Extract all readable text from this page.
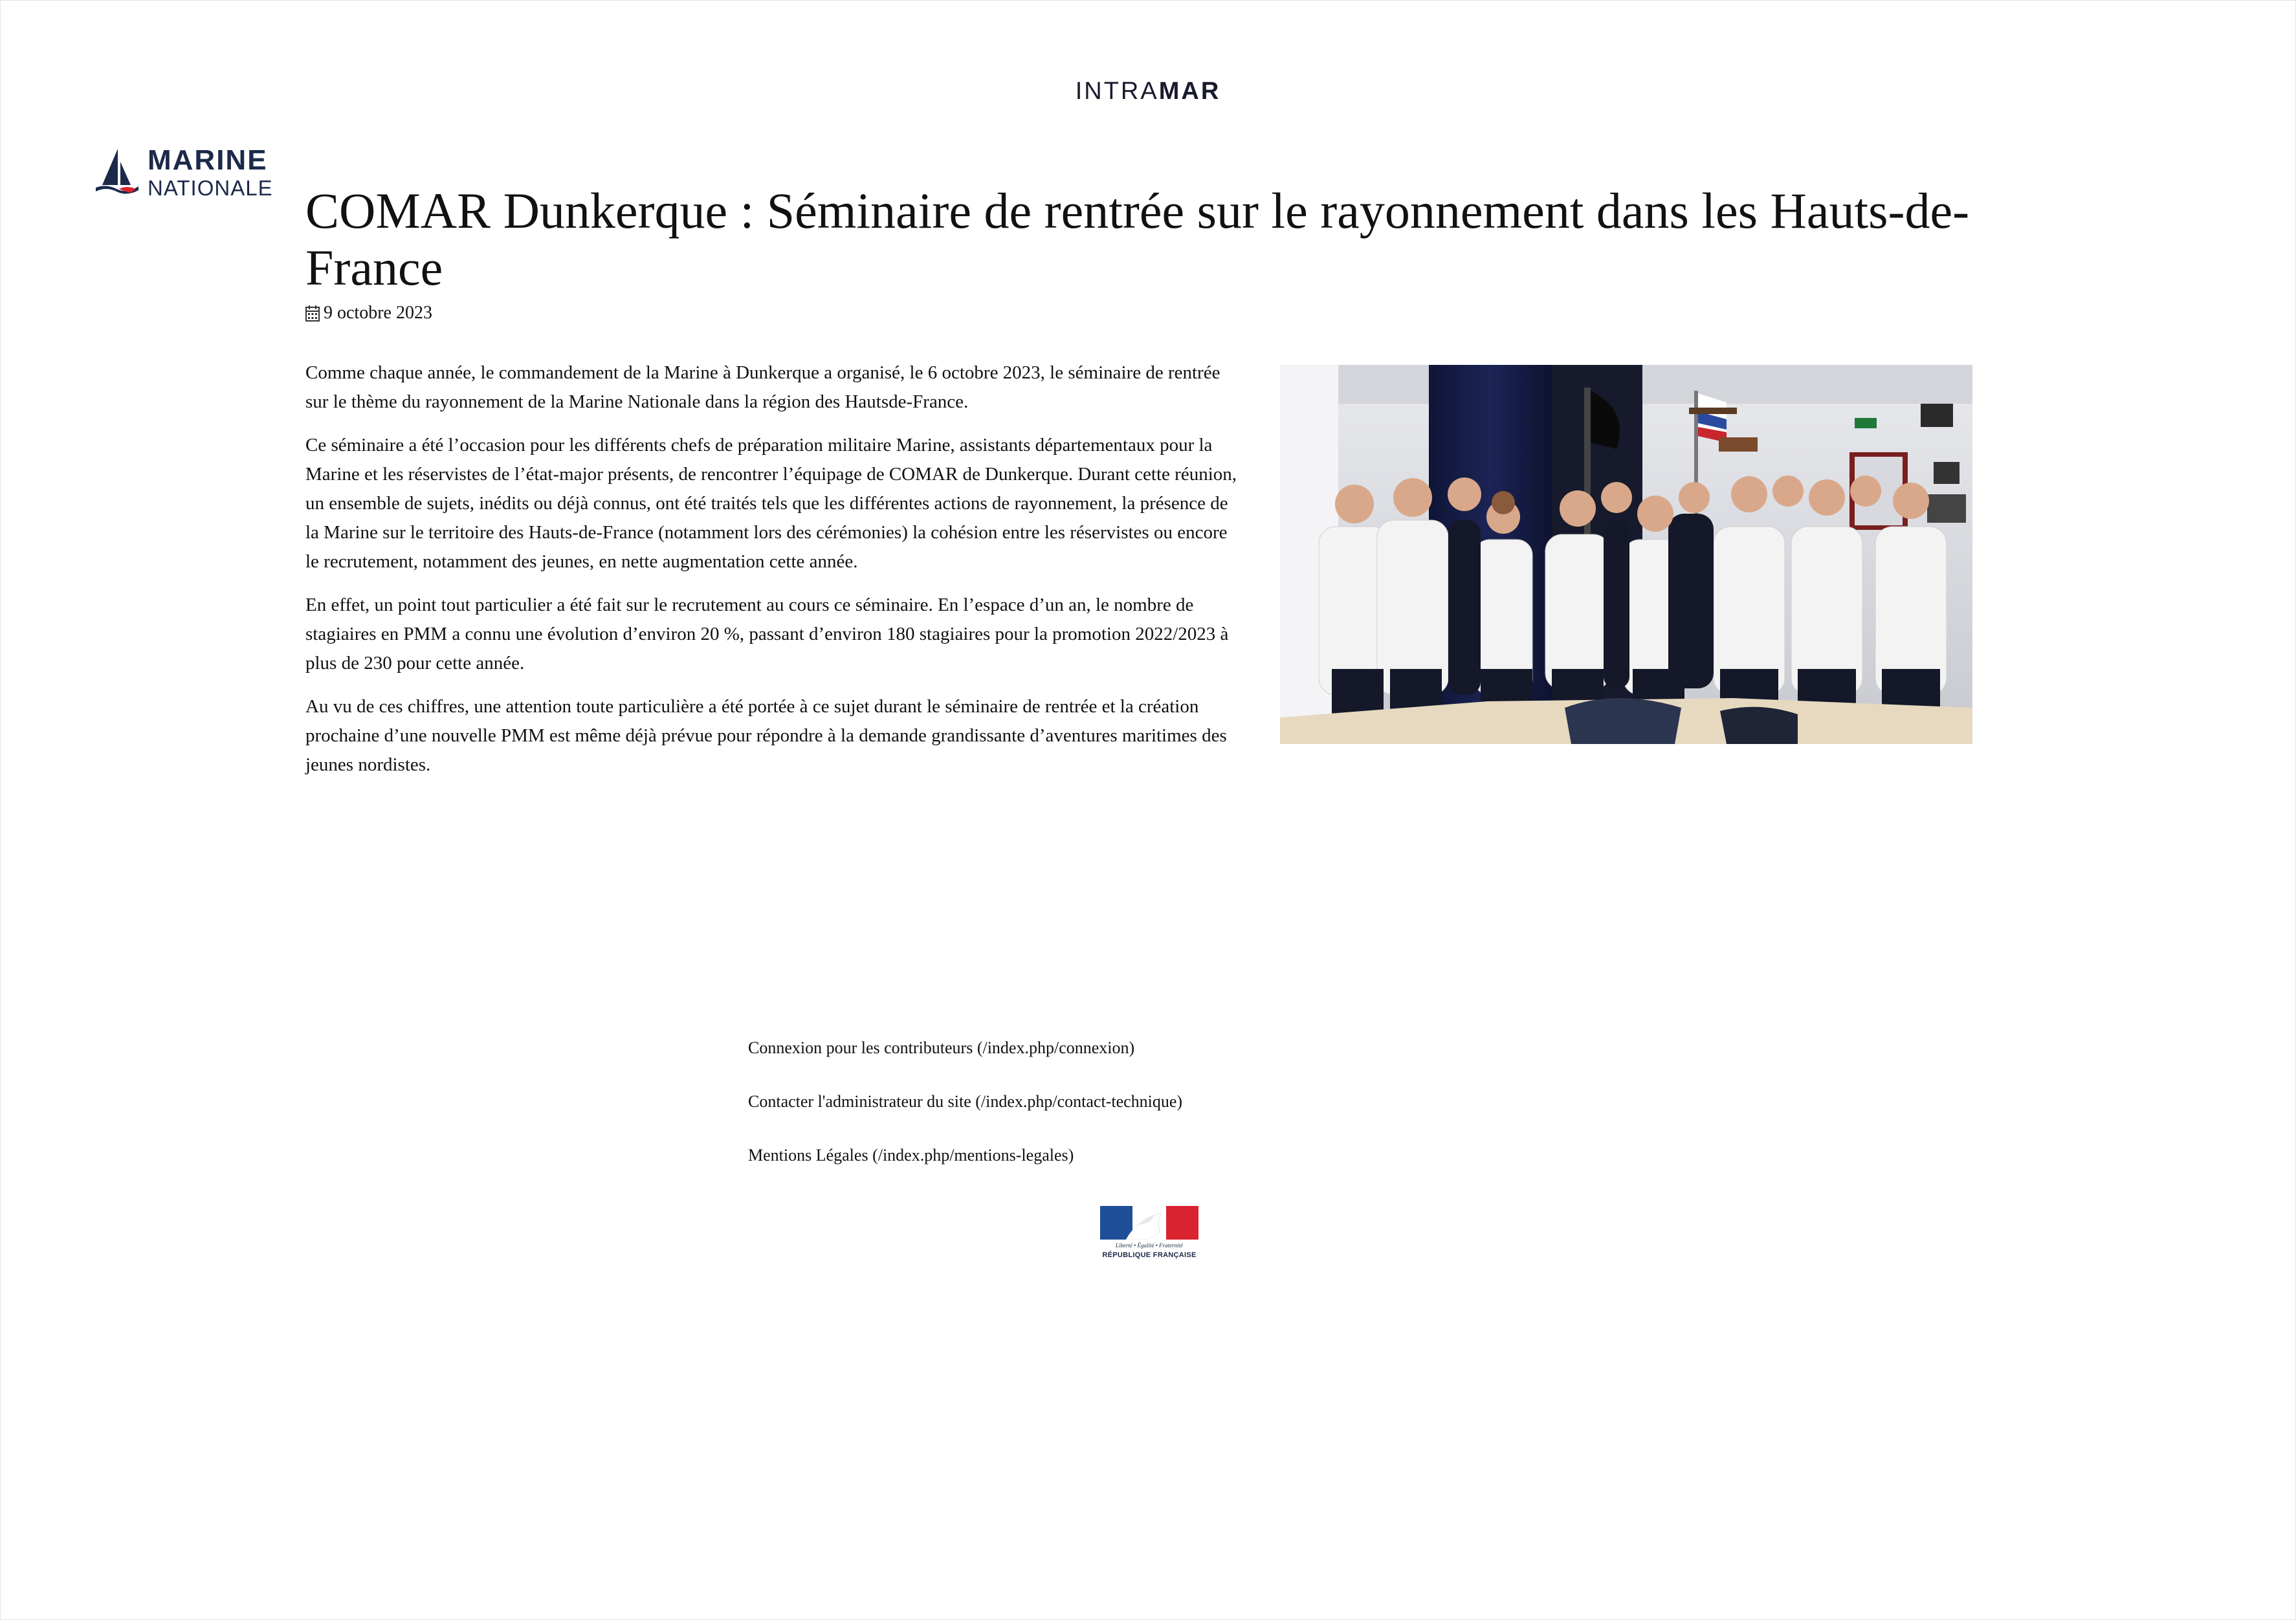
INTRAMAR
MARINE
NATIONALE COMAR Dunkerque : Séminaire de rentrée sur le rayonnement dans les Hauts-de-France
9 octobre 2023

Comme chaque année, le commandement de la Marine à Dunkerque a organisé, le 6 octobre 2023, le séminaire de rentrée sur le thème du rayonnement de la Marine Nationale dans la région des Hautsde-France.

Ce séminaire a été l’occasion pour les différents chefs de préparation militaire Marine, assistants départementaux pour la Marine et les réservistes de l’état-major présents, de rencontrer l’équipage de COMAR de Dunkerque. Durant cette réunion, un ensemble de sujets, inédits ou déjà connus, ont été traités tels que les différentes actions de rayonnement, la présence de la Marine sur le territoire des Hauts-de-France (notamment lors des cérémonies) la cohésion entre les réservistes ou encore le recrutement, notamment des jeunes, en nette augmentation cette année.

En effet, un point tout particulier a été fait sur le recrutement au cours ce séminaire. En l’espace d’un an, le nombre de stagiaires en PMM a connu une évolution d’environ 20 %, passant d’environ 180 stagiaires pour la promotion 2022/2023 à plus de 230 pour cette année.

Au vu de ces chiffres, une attention toute particulière a été portée à ce sujet durant le séminaire de rentrée et la création prochaine d’une nouvelle PMM est même déjà prévue pour répondre à la demande grandissante d’aventures maritimes des jeunes nordistes.

Connexion pour les contributeurs (/index.php/connexion)
Contacter l'administrateur du site (/index.php/contact-technique)
Mentions Légales (/index.php/mentions-legales)
Liberté • Égalité • Fraternité
RÉPUBLIQUE FRANÇAISE
